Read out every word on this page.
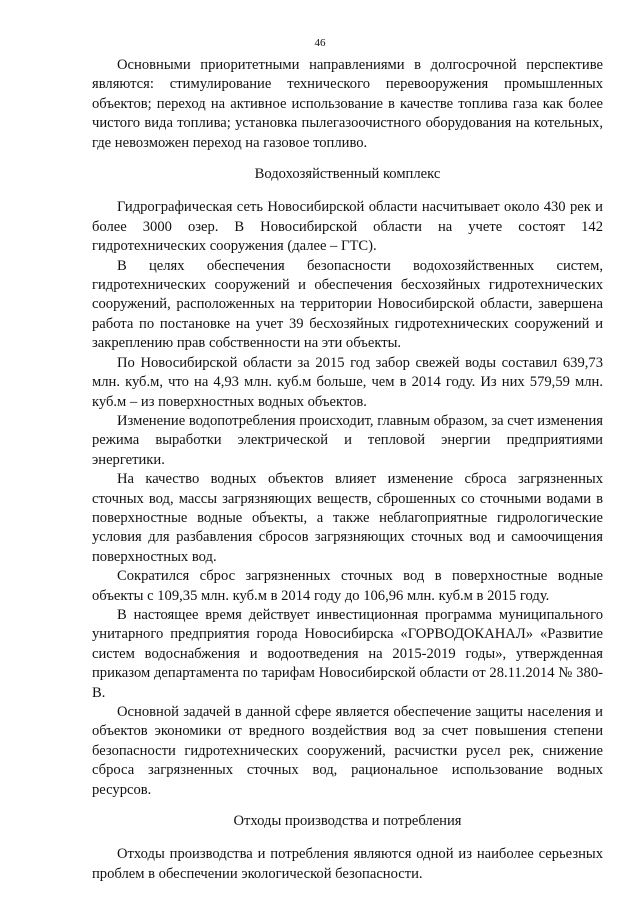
46

Основными приоритетными направлениями в долгосрочной перспективе являются: стимулирование технического перевооружения промышленных объектов; переход на активное использование в качестве топлива газа как более чистого вида топлива; установка пылегазоочистного оборудования на котельных, где невозможен переход на газовое топливо.

Водохозяйственный комплекс

Гидрографическая сеть Новосибирской области насчитывает около 430 рек и более 3000 озер. В Новосибирской области на учете состоят 142 гидротехнических сооружения (далее – ГТС).

В целях обеспечения безопасности водохозяйственных систем, гидротехнических сооружений и обеспечения бесхозяйных гидротехнических сооружений, расположенных на территории Новосибирской области, завершена работа по постановке на учет 39 бесхозяйных гидротехнических сооружений и закреплению прав собственности на эти объекты.

По Новосибирской области за 2015 год забор свежей воды составил 639,73 млн. куб.м, что на 4,93 млн. куб.м больше, чем в 2014 году. Из них 579,59 млн. куб.м – из поверхностных водных объектов.

Изменение водопотребления происходит, главным образом, за счет изменения режима выработки электрической и тепловой энергии предприятиями энергетики.

На качество водных объектов влияет изменение сброса загрязненных сточных вод, массы загрязняющих веществ, сброшенных со сточными водами в поверхностные водные объекты, а также неблагоприятные гидрологические условия для разбавления сбросов загрязняющих сточных вод и самоочищения поверхностных вод.

Сократился сброс загрязненных сточных вод в поверхностные водные объекты с 109,35 млн. куб.м в 2014 году до 106,96 млн. куб.м в 2015 году.

В настоящее время действует инвестиционная программа муниципального унитарного предприятия города Новосибирска «ГОРВОДОКАНАЛ» «Развитие систем водоснабжения и водоотведения на 2015-2019 годы», утвержденная приказом департамента по тарифам Новосибирской области от 28.11.2014 № 380-В.

Основной задачей в данной сфере является обеспечение защиты населения и объектов экономики от вредного воздействия вод за счет повышения степени безопасности гидротехнических сооружений, расчистки русел рек, снижение сброса загрязненных сточных вод, рациональное использование водных ресурсов.

Отходы производства и потребления

Отходы производства и потребления являются одной из наиболее серьезных проблем в обеспечении экологической безопасности.
